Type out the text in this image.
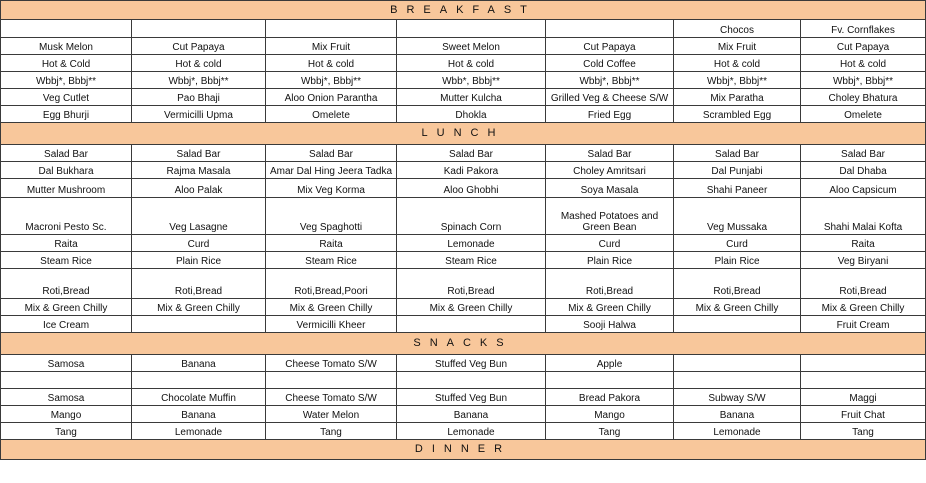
BREAKFAST						
					Chocos	Fv. Cornflakes
Musk Melon	Cut Papaya	Mix Fruit	Sweet Melon	Cut Papaya	Mix Fruit	Cut Papaya
Hot & Cold	Hot & cold	Hot & cold	Hot & cold	Cold Coffee	Hot & cold	Hot & cold
Wbbj*, Bbbj**	Wbbj*, Bbbj**	Wbbj*, Bbbj**	Wbb*, Bbbj**	Wbbj*, Bbbj**	Wbbj*, Bbbj**	Wbbj*, Bbbj**
Veg Cutlet	Pao Bhaji	Aloo Onion Paranthа	Mutter Kulcha	Grilled Veg & Cheese S/W	Mix Paratha	Choley Bhatura
Egg Bhurji	Vermicilli Upma	Omelete	Dhokla	Fried Egg	Scrambled Egg	Omelete
LUNCH						
Salad Bar	Salad Bar	Salad Bar	Salad Bar	Salad Bar	Salad Bar	Salad Bar
Dal Bukhara	Rajma Masala	Amar Dal Hing Jeera Tadka	Kadi Pakora	Choley Amritsari	Dal Punjabi	Dal Dhaba
Mutter Mushroom	Aloo Palak	Mix Veg Korma	Aloo Ghobhi	Soya Masala	Shahi Paneer	Aloo Capsicum
Macroni Pesto Sc.	Veg Lasagne	Veg Spaghotti	Spinach Corn	Mashed Potatoes and Green Bean	Veg Mussaka	Shahi Malai Kofta
Raita	Curd	Raita	Lemonade	Curd	Curd	Raita
Steam Rice	Plain Rice	Steam Rice	Steam Rice	Plain Rice	Plain Rice	Veg Biryani
Roti,Bread	Roti,Bread	Roti,Bread,Poori	Roti,Bread	Roti,Bread	Roti,Bread	Roti,Bread
Mix & Green Chilly	Mix & Green Chilly	Mix & Green Chilly	Mix & Green Chilly	Mix & Green Chilly	Mix & Green Chilly	Mix & Green Chilly
Ice Cream		Vermicilli Kheer		Sooji Halwa		Fruit Cream
SNACKS						
Samosa	Banana	Cheese Tomato S/W	Stuffed Veg Bun	Apple		

Samosa	Chocolate Muffin	Cheese Tomato S/W	Stuffed Veg Bun	Bread Pakora	Subway S/W	Maggi
Mango	Banana	Water Melon	Banana	Mango	Banana	Fruit Chat
Tang	Lemonade	Tang	Lemonade	Tang	Lemonade	Tang
DINNER						
